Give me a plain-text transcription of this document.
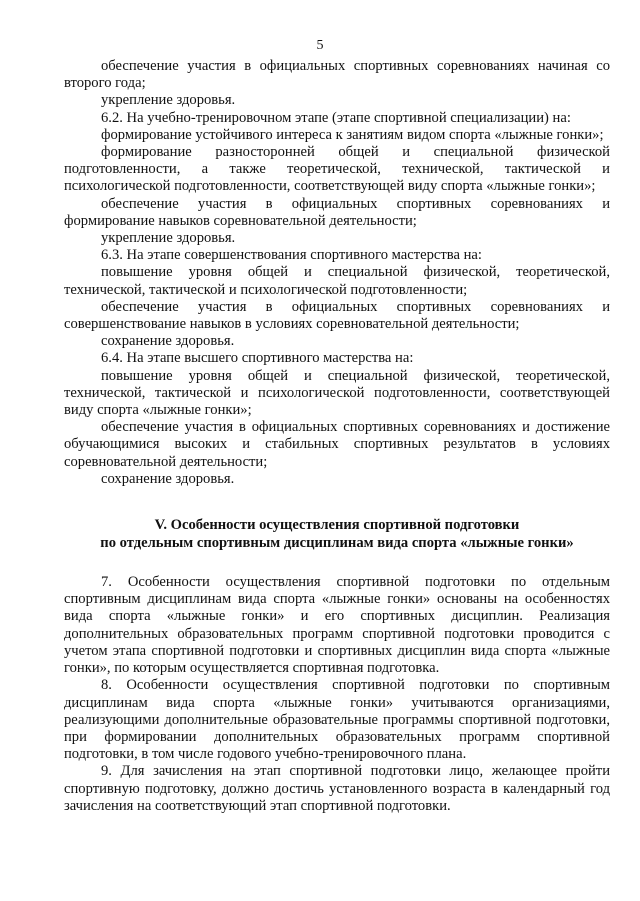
5

обеспечение участия в официальных спортивных соревнованиях начиная со второго года;

укрепление здоровья.

6.2. На учебно-тренировочном этапе (этапе спортивной специализации) на:

формирование устойчивого интереса к занятиям видом спорта «лыжные гонки»;

формирование разносторонней общей и специальной физической подготовленности, а также теоретической, технической, тактической и психологической подготовленности, соответствующей виду спорта «лыжные гонки»;

обеспечение участия в официальных спортивных соревнованиях и формирование навыков соревновательной деятельности;

укрепление здоровья.

6.3. На этапе совершенствования спортивного мастерства на:

повышение уровня общей и специальной физической, теоретической, технической, тактической и психологической подготовленности;

обеспечение участия в официальных спортивных соревнованиях и совершенствование навыков в условиях соревновательной деятельности;

сохранение здоровья.

6.4. На этапе высшего спортивного мастерства на:

повышение уровня общей и специальной физической, теоретической, технической, тактической и психологической подготовленности, соответствующей виду спорта «лыжные гонки»;

обеспечение участия в официальных спортивных соревнованиях и достижение обучающимися высоких и стабильных спортивных результатов в условиях соревновательной деятельности;

сохранение здоровья.

V. Особенности осуществления спортивной подготовки
по отдельным спортивным дисциплинам вида спорта «лыжные гонки»

7. Особенности осуществления спортивной подготовки по отдельным спортивным дисциплинам вида спорта «лыжные гонки» основаны на особенностях вида спорта «лыжные гонки» и его спортивных дисциплин. Реализация дополнительных образовательных программ спортивной подготовки проводится с учетом этапа спортивной подготовки и спортивных дисциплин вида спорта «лыжные гонки», по которым осуществляется спортивная подготовка.

8. Особенности осуществления спортивной подготовки по спортивным дисциплинам вида спорта «лыжные гонки» учитываются организациями, реализующими дополнительные образовательные программы спортивной подготовки, при формировании дополнительных образовательных программ спортивной подготовки, в том числе годового учебно-тренировочного плана.

9. Для зачисления на этап спортивной подготовки лицо, желающее пройти спортивную подготовку, должно достичь установленного возраста в календарный год зачисления на соответствующий этап спортивной подготовки.
